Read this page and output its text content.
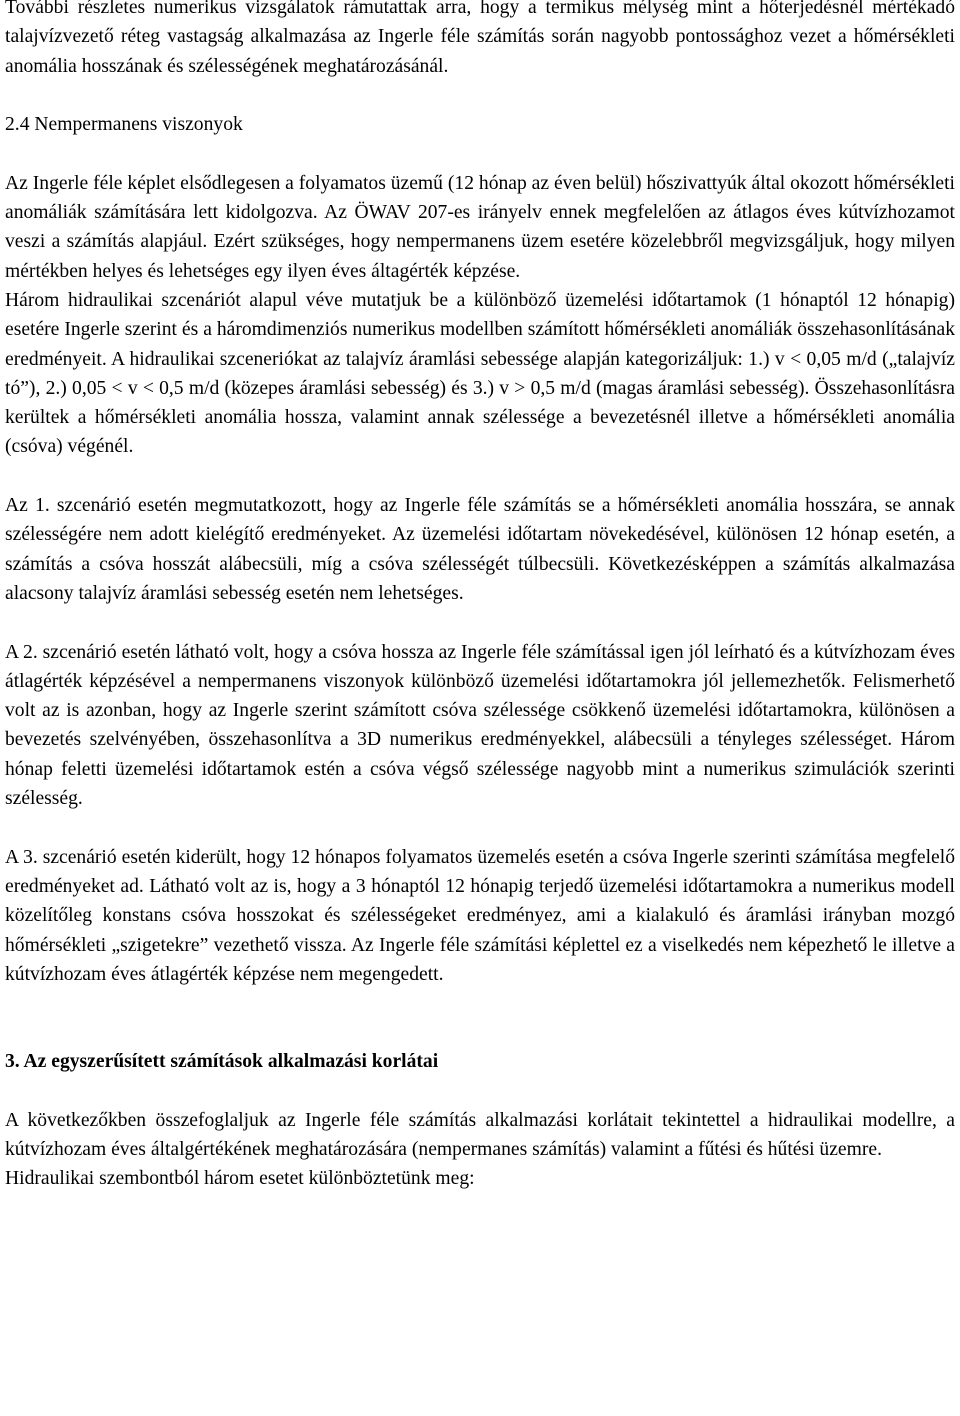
További részletes numerikus vizsgálatok rámutattak arra, hogy a termikus mélység mint a hőterjedésnél mértékadó talajvízvezető réteg vastagság alkalmazása az Ingerle féle számítás során nagyobb pontossághoz vezet a hőmérsékleti anomália hosszának és szélességének meghatározásánál.

2.4 Nempermanens viszonyok

Az Ingerle féle képlet elsődlegesen a folyamatos üzemű (12 hónap az éven belül) hőszivattyúk által okozott hőmérsékleti anomáliák számítására lett kidolgozva. Az ÖWAV 207-es irányelv ennek megfelelően az átlagos éves kútvízhozamot veszi a számítás alapjául. Ezért szükséges, hogy nempermanens üzem esetére közelebbről megvizsgáljuk, hogy milyen mértékben helyes és lehetséges egy ilyen éves áltagérték képzése.

Három hidraulikai szcenáriót alapul véve mutatjuk be a különböző üzemelési időtartamok (1 hónaptól 12 hónapig) esetére Ingerle szerint és a háromdimenziós numerikus modellben számított hőmérsékleti anomáliák összehasonlításának eredményeit. A hidraulikai szceneriókat az talajvíz áramlási sebessége alapján kategorizáljuk: 1.) v < 0,05 m/d („talajvíz tó”), 2.) 0,05 < v < 0,5 m/d (közepes áramlási sebesség) és 3.) v > 0,5 m/d (magas áramlási sebesség). Összehasonlításra kerültek a hőmérsékleti anomália hossza, valamint annak szélessége a bevezetésnél illetve a hőmérsékleti anomália (csóva) végénél.

Az 1. szcenárió esetén megmutatkozott, hogy az Ingerle féle számítás se a hőmérsékleti anomália hosszára, se annak szélességére nem adott kielégítő eredményeket. Az üzemelési időtartam növekedésével, különösen 12 hónap esetén, a számítás a csóva hosszát alábecsüli, míg a csóva szélességét túlbecsüli. Következésképpen a számítás alkalmazása alacsony talajvíz áramlási sebesség esetén nem lehetséges.

A 2. szcenárió esetén látható volt, hogy a csóva hossza az Ingerle féle számítással igen jól leírható és a kútvízhozam éves átlagérték képzésével a nempermanens viszonyok különböző üzemelési időtartamokra jól jellemezhetők. Felismerhető volt az is azonban, hogy az Ingerle szerint számított csóva szélessége csökkenő üzemelési időtartamokra, különösen a bevezetés szelvényében, összehasonlítva a 3D numerikus eredményekkel, alábecsüli a tényleges szélességet. Három hónap feletti üzemelési időtartamok estén a csóva végső szélessége nagyobb mint a numerikus szimulációk szerinti szélesség.

A 3. szcenárió esetén kiderült, hogy 12 hónapos folyamatos üzemelés esetén a csóva Ingerle szerinti számítása megfelelő eredményeket ad. Látható volt az is, hogy a 3 hónaptól 12 hónapig terjedő üzemelési időtartamokra a numerikus modell közelítőleg konstans csóva hosszokat és szélességeket eredményez, ami a kialakuló és áramlási irányban mozgó hőmérsékleti „szigetekre” vezethető vissza. Az Ingerle féle számítási képlettel ez a viselkedés nem képezhető le illetve a kútvízhozam éves átlagérték képzése nem megengedett.

3. Az egyszerűsített számítások alkalmazási korlátai

A következőkben összefoglaljuk az Ingerle féle számítás alkalmazási korlátait tekintettel a hidraulikai modellre, a kútvízhozam éves általgértékének meghatározására (nempermanes számítás) valamint a fűtési és hűtési üzemre.

Hidraulikai szembontból három esetet különböztetünk meg:
